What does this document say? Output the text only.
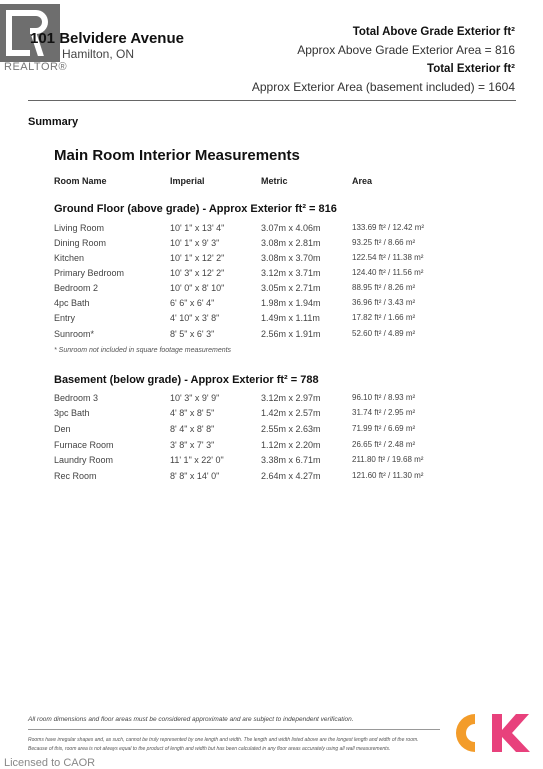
REALTOR®
101 Belvidere Avenue
Hamilton, ON
Total Above Grade Exterior ft²
Approx Above Grade Exterior Area = 816
Total Exterior ft²
Approx Exterior Area (basement included) = 1604
Summary
Main Room Interior Measurements
Room Name	Imperial	Metric	Area
Ground Floor (above grade) - Approx Exterior ft² = 816
Living Room	10' 1" x 13' 4"	3.07m x 4.06m	133.69 ft² / 12.42 m²
Dining Room	10' 1" x 9' 3"	3.08m x 2.81m	93.25 ft² / 8.66 m²
Kitchen	10' 1" x 12' 2"	3.08m x 3.70m	122.54 ft² / 11.38 m²
Primary Bedroom	10' 3" x 12' 2"	3.12m x 3.71m	124.40 ft² / 11.56 m²
Bedroom 2	10' 0" x 8' 10"	3.05m x 2.71m	88.95 ft² / 8.26 m²
4pc Bath	6' 6" x 6' 4"	1.98m x 1.94m	36.96 ft² / 3.43 m²
Entry	4' 10" x 3' 8"	1.49m x 1.11m	17.82 ft² / 1.66 m²
Sunroom*	8' 5" x 6' 3"	2.56m x 1.91m	52.60 ft² / 4.89 m²
* Sunroom not included in square footage measurements
Basement (below grade) - Approx Exterior ft² = 788
Bedroom 3	10' 3" x 9' 9"	3.12m x 2.97m	96.10 ft² / 8.93 m²
3pc Bath	4' 8" x 8' 5"	1.42m x 2.57m	31.74 ft² / 2.95 m²
Den	8' 4" x 8' 8"	2.55m x 2.63m	71.99 ft² / 6.69 m²
Furnace Room	3' 8" x 7' 3"	1.12m x 2.20m	26.65 ft² / 2.48 m²
Laundry Room	11' 1" x 22' 0"	3.38m x 6.71m	211.80 ft² / 19.68 m²
Rec Room	8' 8" x 14' 0"	2.64m x 4.27m	121.60 ft² / 11.30 m²
All room dimensions and floor areas must be considered approximate and are subject to independent verification.
Rooms have irregular shapes and, as such, cannot be truly represented by one length and width. The length and width listed above are the longest length and width of the room.
Because of this, room area is not always equal to the product of length and width but has been calculated in any floor areas accurately using all wall measurements.
Licensed to CAOR
